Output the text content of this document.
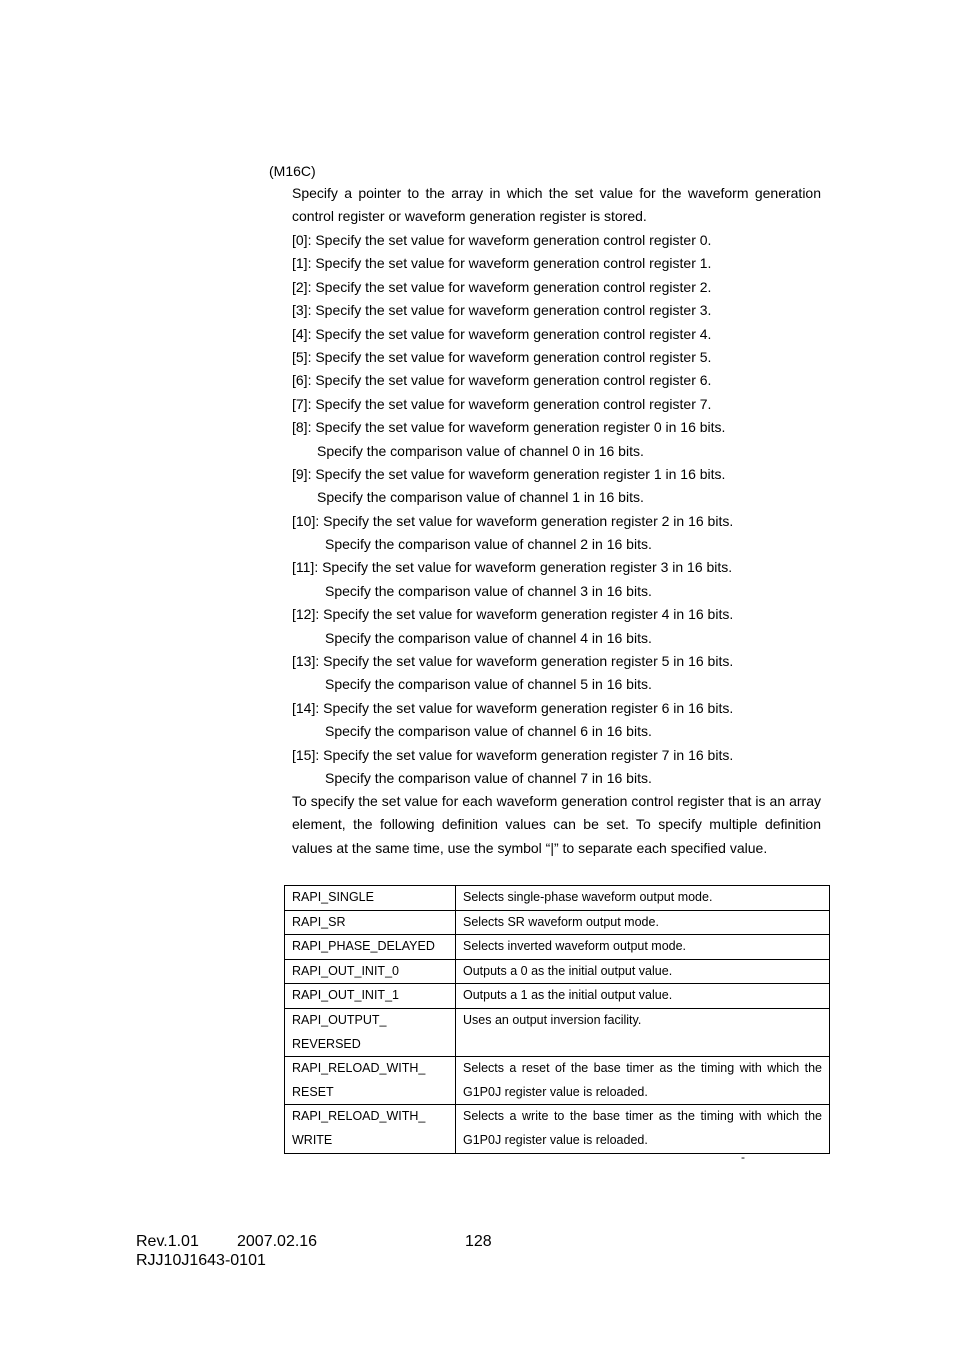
(M16C)
Specify a pointer to the array in which the set value for the waveform generation control register or waveform generation register is stored.
[0]: Specify the set value for waveform generation control register 0.
[1]: Specify the set value for waveform generation control register 1.
[2]: Specify the set value for waveform generation control register 2.
[3]: Specify the set value for waveform generation control register 3.
[4]: Specify the set value for waveform generation control register 4.
[5]: Specify the set value for waveform generation control register 5.
[6]: Specify the set value for waveform generation control register 6.
[7]: Specify the set value for waveform generation control register 7.
[8]: Specify the set value for waveform generation register 0 in 16 bits.
Specify the comparison value of channel 0 in 16 bits.
[9]: Specify the set value for waveform generation register 1 in 16 bits.
Specify the comparison value of channel 1 in 16 bits.
[10]: Specify the set value for waveform generation register 2 in 16 bits.
Specify the comparison value of channel 2 in 16 bits.
[11]: Specify the set value for waveform generation register 3 in 16 bits.
Specify the comparison value of channel 3 in 16 bits.
[12]: Specify the set value for waveform generation register 4 in 16 bits.
Specify the comparison value of channel 4 in 16 bits.
[13]: Specify the set value for waveform generation register 5 in 16 bits.
Specify the comparison value of channel 5 in 16 bits.
[14]: Specify the set value for waveform generation register 6 in 16 bits.
Specify the comparison value of channel 6 in 16 bits.
[15]: Specify the set value for waveform generation register 7 in 16 bits.
Specify the comparison value of channel 7 in 16 bits.
To specify the set value for each waveform generation control register that is an array element, the following definition values can be set. To specify multiple definition values at the same time, use the symbol “|” to separate each specified value.
RAPI_SINGLE	Selects single-phase waveform output mode.
RAPI_SR	Selects SR waveform output mode.
RAPI_PHASE_DELAYED	Selects inverted waveform output mode.
RAPI_OUT_INIT_0	Outputs a 0 as the initial output value.
RAPI_OUT_INIT_1	Outputs a 1 as the initial output value.
RAPI_OUTPUT_ REVERSED	Uses an output inversion facility.
RAPI_RELOAD_WITH_ RESET	Selects a reset of the base timer as the timing with which the G1P0J register value is reloaded.
RAPI_RELOAD_WITH_ WRITE	Selects a write to the base timer as the timing with which the G1P0J register value is reloaded.
-
Rev.1.01 2007.02.16	128
RJJ10J1643-0101
